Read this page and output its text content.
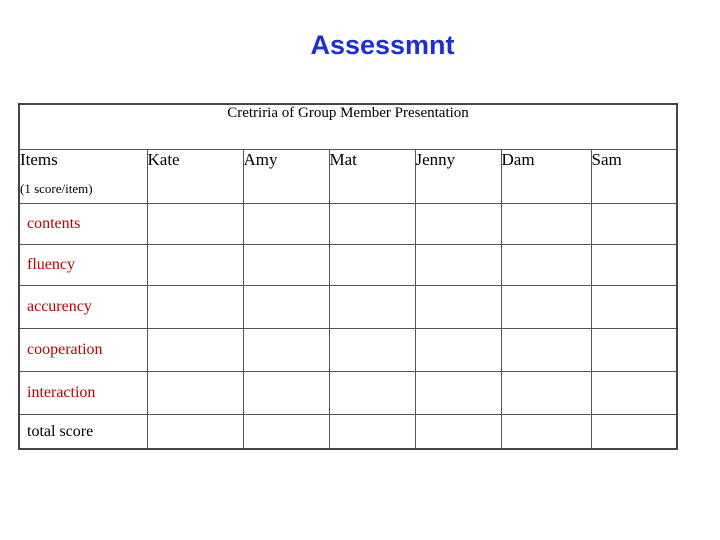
Assessmnt
Cretriria of Group Member Presentation						
Items
(1 score/item)	Kate	Amy	Mat	Jenny	Dam	Sam
contents						
fluency						
accurency						
cooperation						
interaction						
total score						
